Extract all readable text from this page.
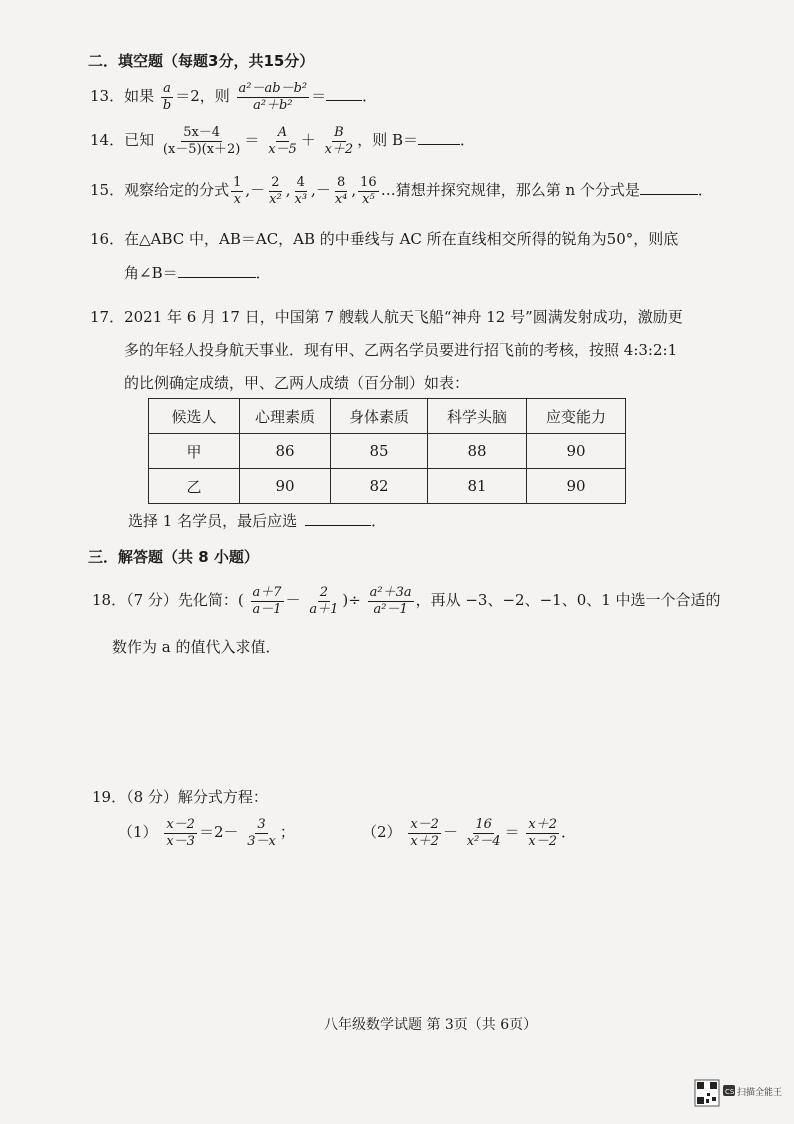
二．填空题（每题3分，共15分）
13．如果 $\frac{a}{b} =2$，则 $\frac{\text{a²－ab－b²}}{\text{a²＋b²}}$ ＝ ．
14．已知 $\frac{5x-4}{(x-5)(x+2)} = \frac{A}{x-5} + \frac{B}{x+2}$ ，则 B＝	．
15．观察给定的分式 $\frac{1}{x}$ ,－ $\frac{2}{\text{x²}}$ , $\frac{4}{\text{x³}}$ ,－ $\frac{8}{\text{x⁴}}$ , $\frac{16}{\text{x⁵}}$ …猜想并探究规律，那么第 n 个分式是	．
16．在△ABC 中，AB＝AC，AB 的中垂线与 AC 所在直线相交所得的锐角为50°，则底
角∠B＝	．
17．2021 年 6 月 17 日，中国第 7 艘载人航天飞船“神舟 12 号”圆满发射成功，激励更
多的年轻人投身航天事业．现有甲、乙两名学员要进行招飞前的考核，按照 4:3:2:1
的比例确定成绩，甲、乙两人成绩（百分制）如表：
候选人	心理素质	身体素质	科学头脑	应变能力
甲	86	85	88	90
乙	90	82	81	90
选择 1 名学员，最后应选	．
三．解答题（共 8 小题）
18．（7 分）先化简：( $\frac{a+7}{a-1} - \frac{2}{a+1}$ )÷ $\frac{\text{a²＋3a}}{\text{a²－1}}$ ，再从 −3、−2、−1、0、1 中选一个合适的
数作为 a 的值代入求值．
19．（8 分）解分式方程：
$(1) \frac{x-2}{x-3} =2- \frac{3}{3-x}$ ；	$(2) \frac{x-2}{x+2} - \frac{16}{\text{x²－4}} = \frac{x+2}{x-2}$ ．
八年级数学试题 第 3页（共 6页）
CS 扫描全能王
